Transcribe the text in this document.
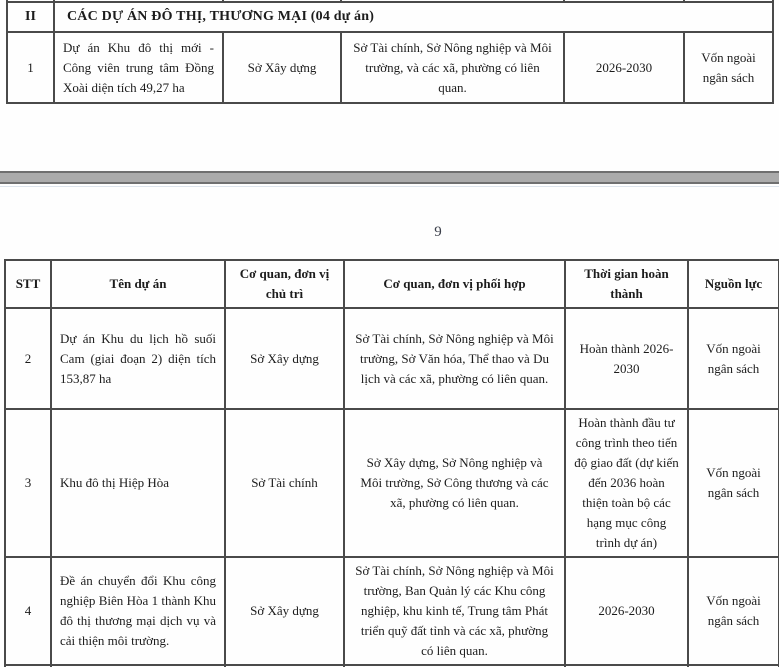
II	CÁC DỰ ÁN ĐÔ THỊ, THƯƠNG MẠI (04 dự án)				
1	Dự án Khu đô thị mới - Công viên trung tâm Đồng Xoài diện tích 49,27 ha	Sở Xây dựng	Sở Tài chính, Sở Nông nghiệp và Môi trường, và các xã, phường có liên quan.	2026-2030	Vốn ngoài ngân sách
9
STT	Tên dự án	Cơ quan, đơn vị chủ trì	Cơ quan, đơn vị phối hợp	Thời gian hoàn thành	Nguồn lực
2	Dự án Khu du lịch hồ suối Cam (giai đoạn 2) diện tích 153,87 ha	Sở Xây dựng	Sở Tài chính, Sở Nông nghiệp và Môi trường, Sở Văn hóa, Thể thao và Du lịch và các xã, phường có liên quan.	Hoàn thành 2026-2030	Vốn ngoài ngân sách
3	Khu đô thị Hiệp Hòa	Sở Tài chính	Sở Xây dựng, Sở Nông nghiệp và Môi trường, Sở Công thương và các xã, phường có liên quan.	Hoàn thành đầu tư công trình theo tiến độ giao đất (dự kiến đến 2036 hoàn thiện toàn bộ các hạng mục công trình dự án)	Vốn ngoài ngân sách
4	Đề án chuyển đổi Khu công nghiệp Biên Hòa 1 thành Khu đô thị thương mại dịch vụ và cải thiện môi trường.	Sở Xây dựng	Sở Tài chính, Sở Nông nghiệp và Môi trường, Ban Quản lý các Khu công nghiệp, khu kinh tế, Trung tâm Phát triển quỹ đất tỉnh và các xã, phường có liên quan.	2026-2030	Vốn ngoài ngân sách
